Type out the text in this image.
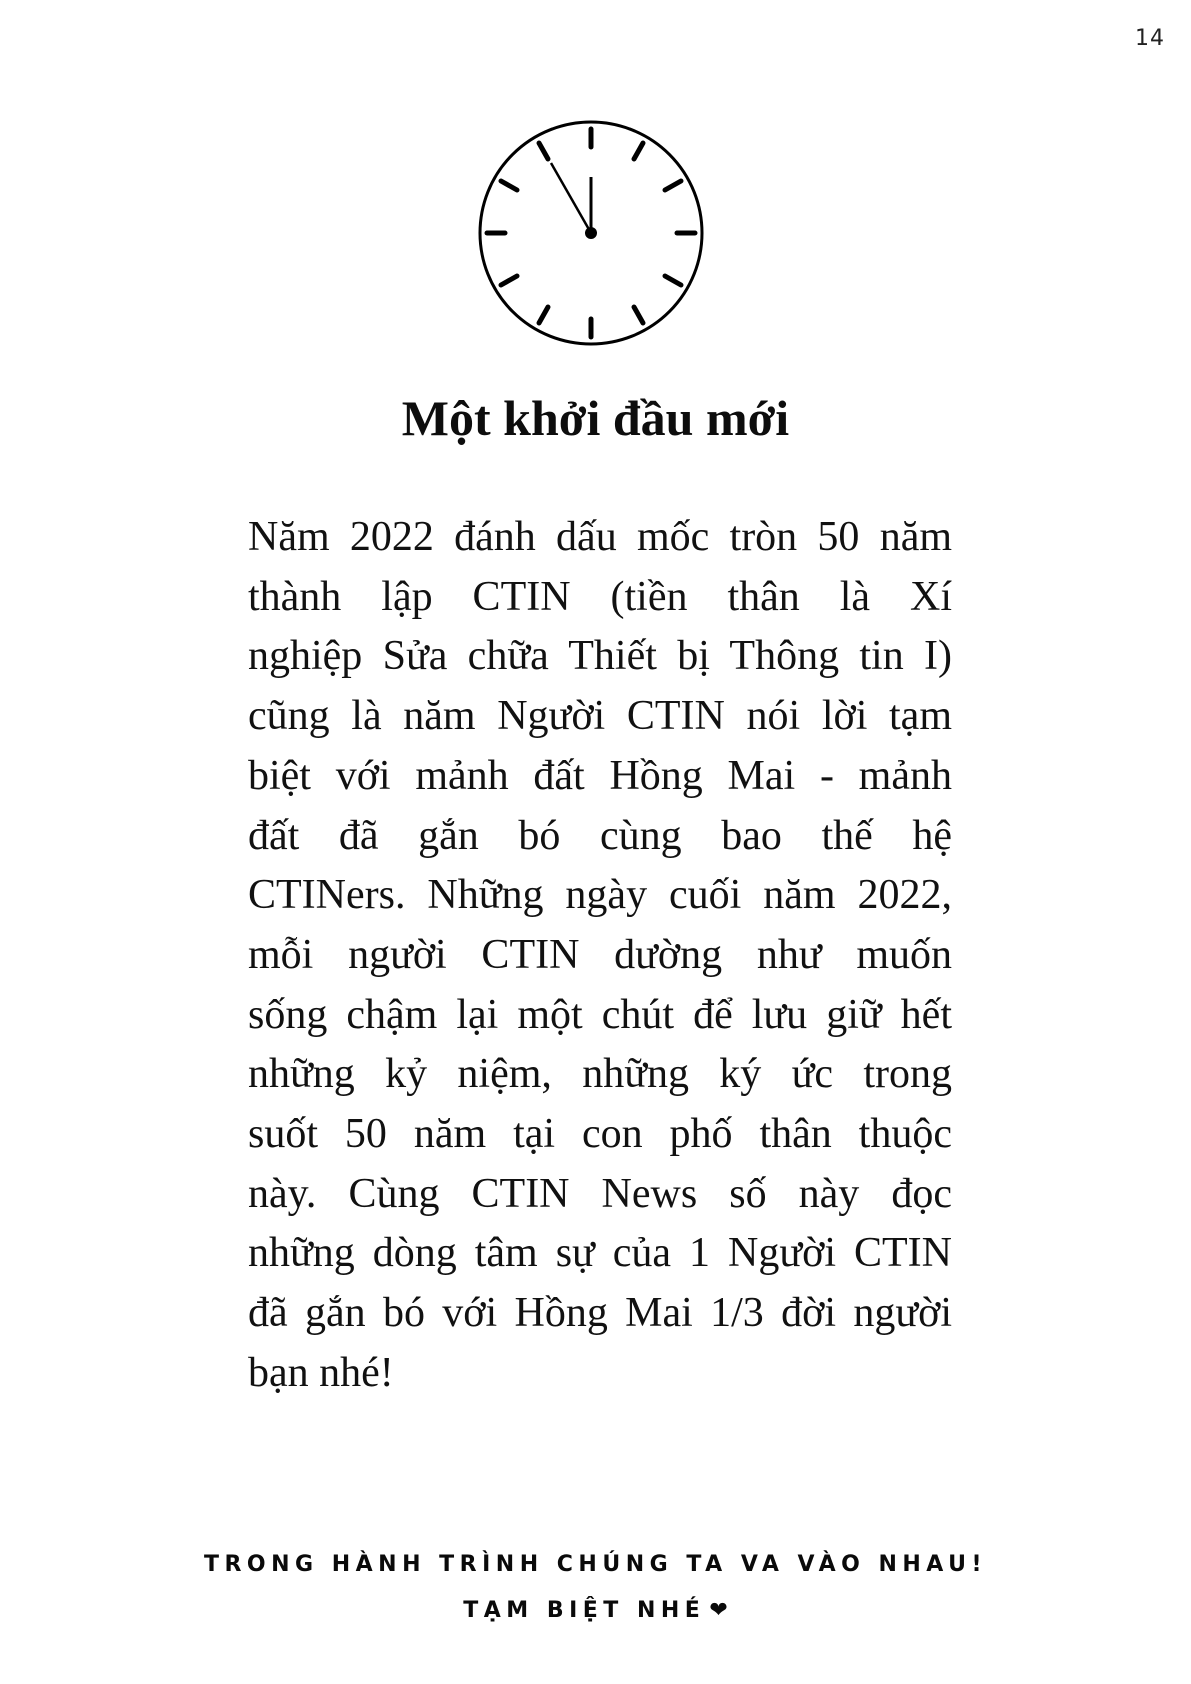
14
Một khởi đầu mới
Năm 2022 đánh dấu mốc tròn 50 năm
thành lập CTIN (tiền thân là Xí
nghiệp Sửa chữa Thiết bị Thông tin I)
cũng là năm Người CTIN nói lời tạm
biệt với mảnh đất Hồng Mai - mảnh
đất đã gắn bó cùng bao thế hệ
CTINers. Những ngày cuối năm 2022,
mỗi người CTIN dường như muốn
sống chậm lại một chút để lưu giữ hết
những kỷ niệm, những ký ức trong
suốt 50 năm tại con phố thân thuộc
này. Cùng CTIN News số này đọc
những dòng tâm sự của 1 Người CTIN
đã gắn bó với Hồng Mai 1/3 đời người
bạn nhé!
TRONG HÀNH TRÌNH CHÚNG TA VA VÀO NHAU!
TẠM BIỆT NHÉ ❤
